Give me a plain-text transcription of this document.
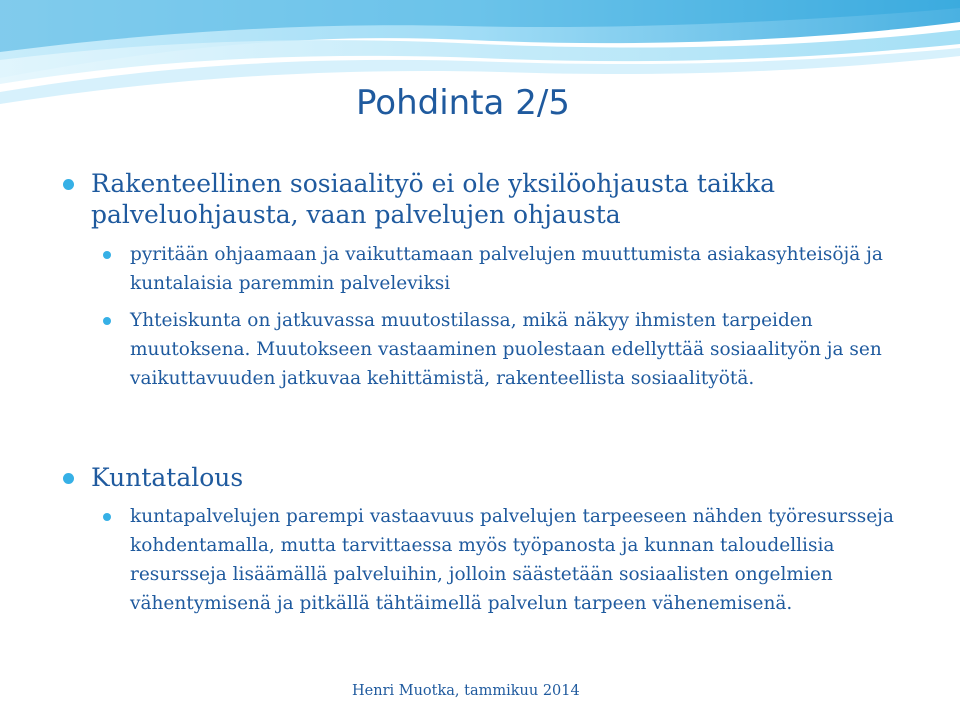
Pohdinta 2/5
Rakenteellinen sosiaalityö ei ole yksilöohjausta taikka palveluohjausta, vaan palvelujen ohjausta
pyritään ohjaamaan ja vaikuttamaan palvelujen muuttumista asiakasyhteisöjä ja kuntalaisia paremmin palveleviksi
Yhteiskunta on jatkuvassa muutostilassa, mikä näkyy ihmisten tarpeiden muutoksena. Muutokseen vastaaminen puolestaan edellyttää sosiaalityön ja sen vaikuttavuuden jatkuvaa kehittämistä, rakenteellista sosiaalityötä.
Kuntatalous
kuntapalvelujen parempi vastaavuus palvelujen tarpeeseen nähden työresursseja kohdentamalla, mutta tarvittaessa myös työpanosta ja kunnan taloudellisia resursseja lisäämällä palveluihin, jolloin säästetään sosiaalisten ongelmien vähentymisenä ja pitkällä tähtäimellä palvelun tarpeen vähenemisenä.
Henri Muotka, tammikuu 2014
